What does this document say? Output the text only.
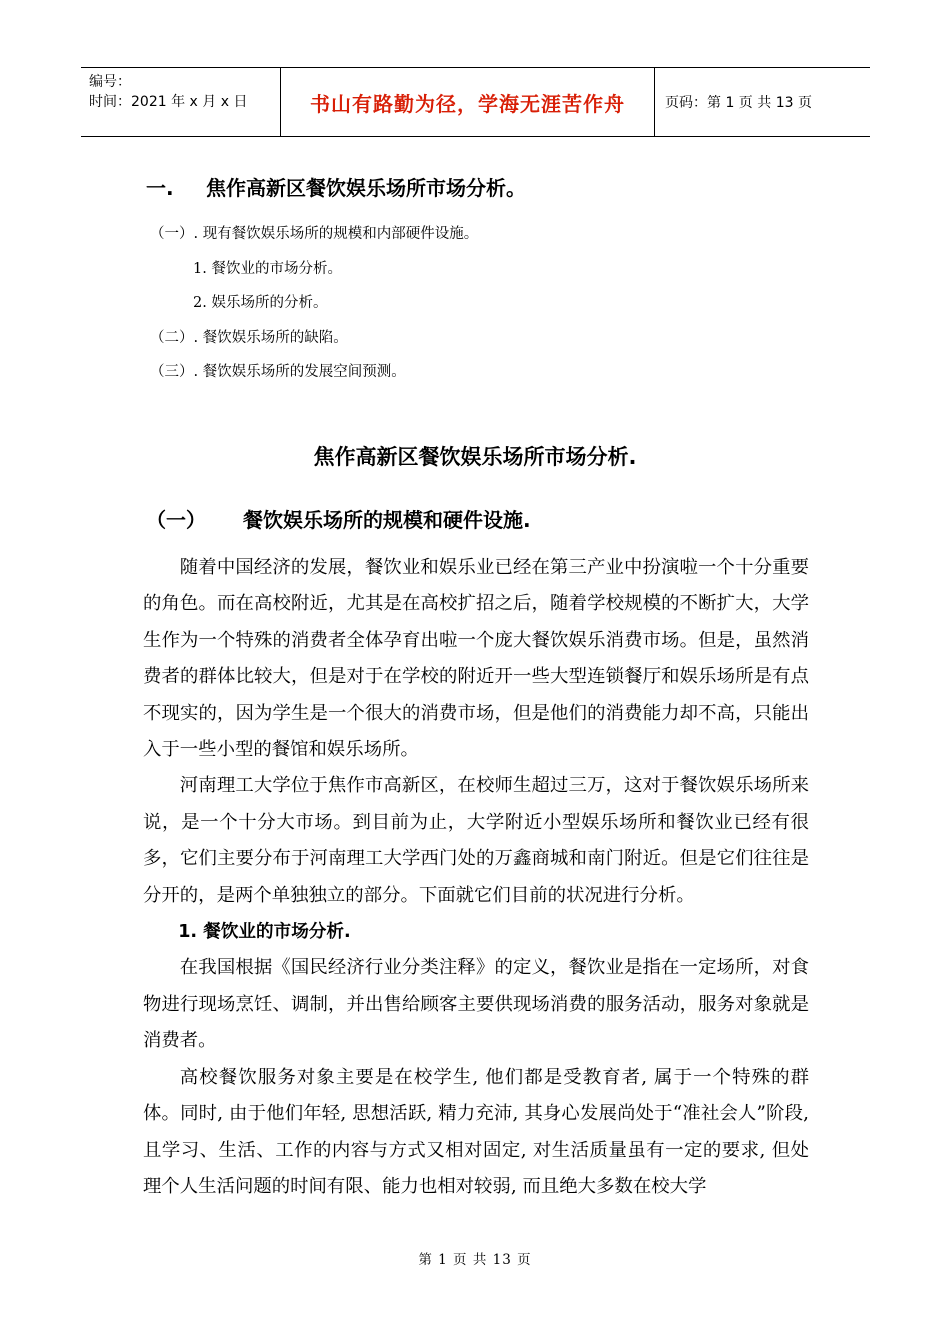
编号：
时间：2021 年 x 月 x 日	书山有路勤为径，学海无涯苦作舟	页码：第 1 页 共 13 页
一. 焦作高新区餐饮娱乐场所市场分析。
（一）. 现有餐饮娱乐场所的规模和内部硬件设施。
1. 餐饮业的市场分析。
2. 娱乐场所的分析。
（二）. 餐饮娱乐场所的缺陷。
（三）. 餐饮娱乐场所的发展空间预测。
焦作高新区餐饮娱乐场所市场分析.
（一） 餐饮娱乐场所的规模和硬件设施.

随着中国经济的发展，餐饮业和娱乐业已经在第三产业中扮演啦一个十分重要的角色。而在高校附近，尤其是在高校扩招之后，随着学校规模的不断扩大，大学生作为一个特殊的消费者全体孕育出啦一个庞大餐饮娱乐消费市场。但是，虽然消费者的群体比较大，但是对于在学校的附近开一些大型连锁餐厅和娱乐场所是有点不现实的，因为学生是一个很大的消费市场，但是他们的消费能力却不高，只能出入于一些小型的餐馆和娱乐场所。

河南理工大学位于焦作市高新区，在校师生超过三万，这对于餐饮娱乐场所来说，是一个十分大市场。到目前为止，大学附近小型娱乐场所和餐饮业已经有很多，它们主要分布于河南理工大学西门处的万鑫商城和南门附近。但是它们往往是分开的，是两个单独独立的部分。下面就它们目前的状况进行分析。

1. 餐饮业的市场分析.

在我国根据《国民经济行业分类注释》的定义，餐饮业是指在一定场所，对食物进行现场烹饪、调制，并出售给顾客主要供现场消费的服务活动，服务对象就是消费者。

高校餐饮服务对象主要是在校学生, 他们都是受教育者, 属于一个特殊的群体。同时, 由于他们年轻, 思想活跃, 精力充沛, 其身心发展尚处于“准社会人”阶段, 且学习、生活、工作的内容与方式又相对固定, 对生活质量虽有一定的要求, 但处理个人生活问题的时间有限、能力也相对较弱, 而且绝大多数在校大学

第 1 页 共 13 页
